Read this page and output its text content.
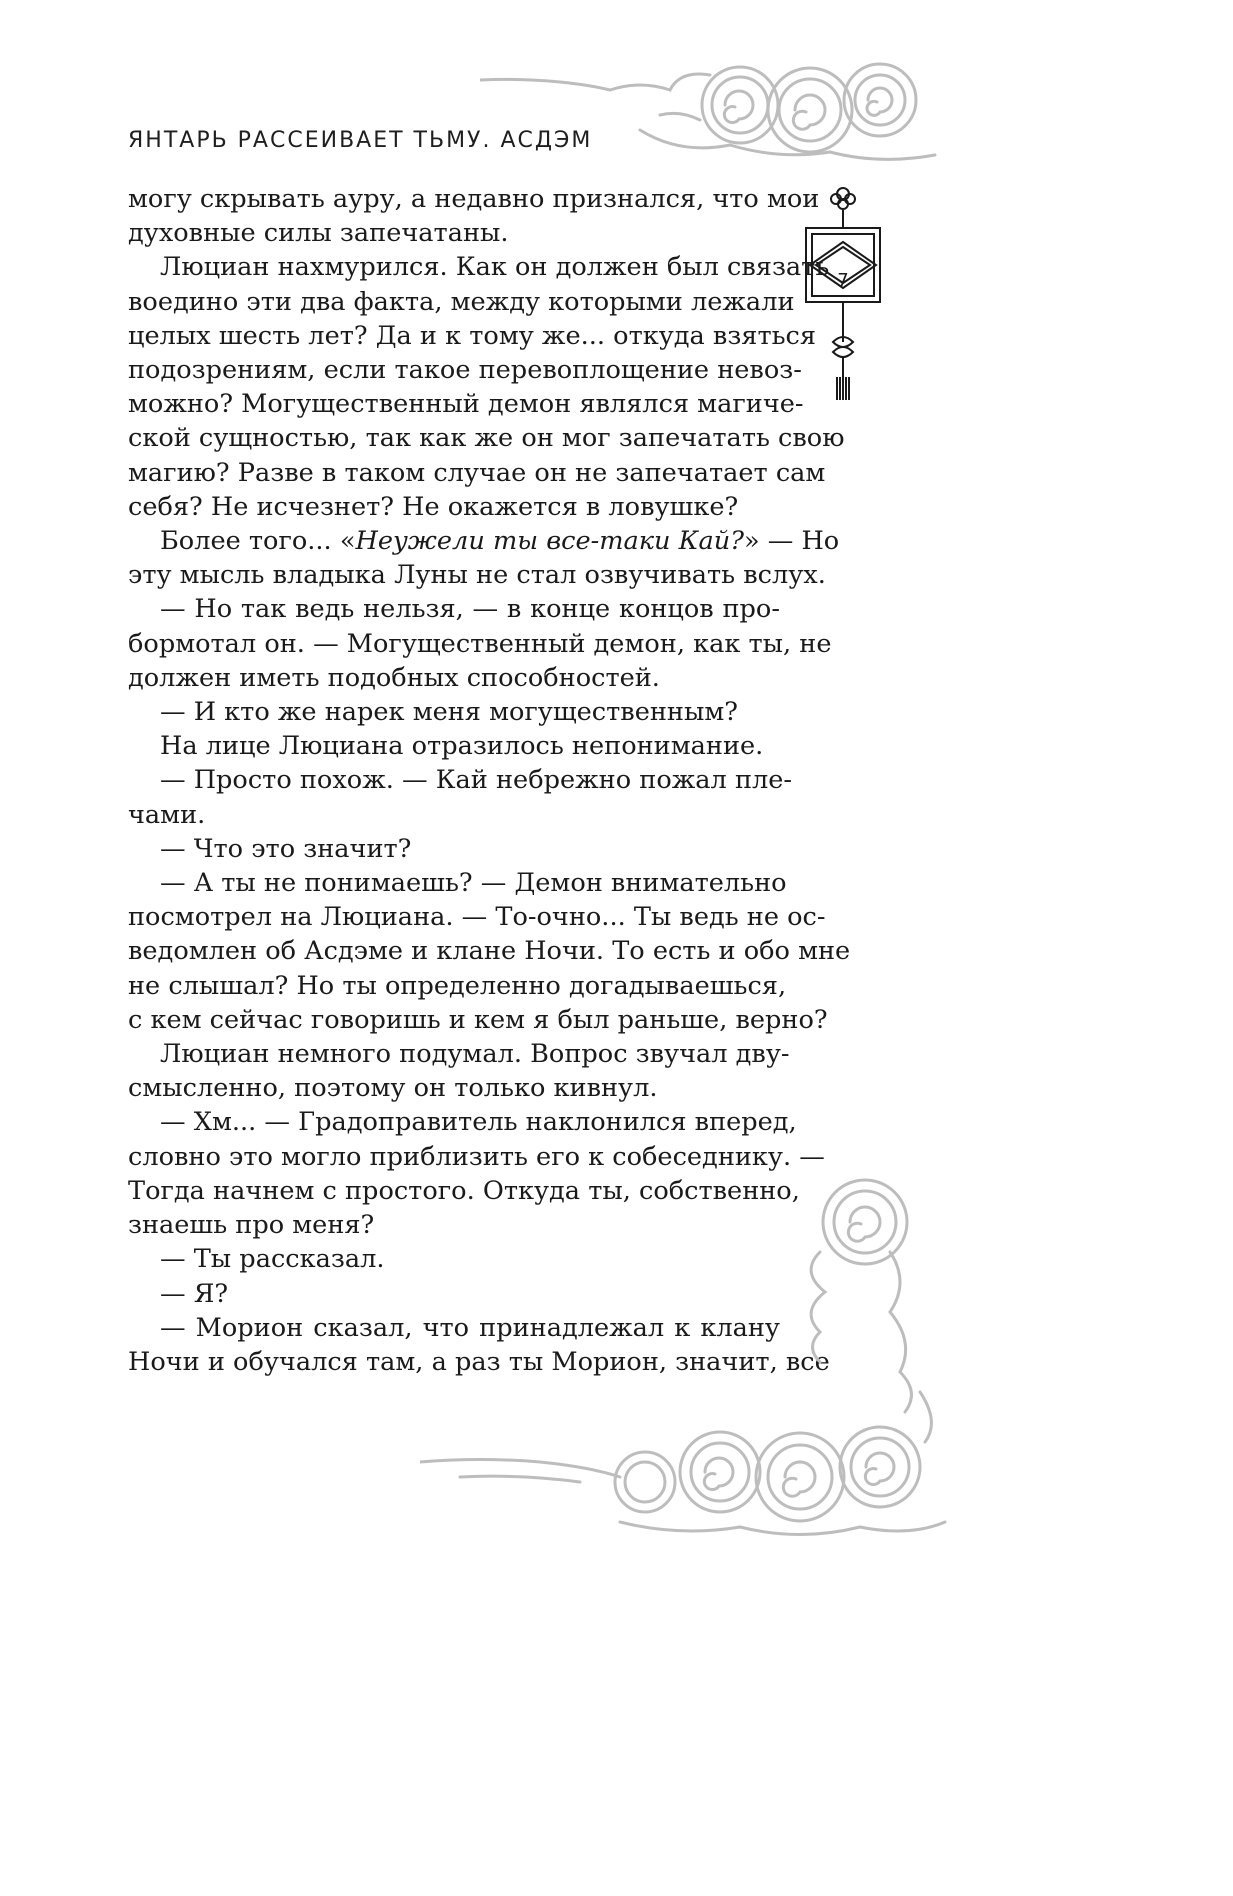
ЯНТАРЬ РАССЕИВАЕТ ТЬМУ. АСДЭМ
7
могу скрывать ауру, а недавно признался, что мои
духовные силы запечатаны.
Люциан нахмурился. Как он должен был связать
воедино эти два факта, между которыми лежали
целых шесть лет? Да и к тому же... откуда взяться
подозрениям, если такое перевоплощение невоз-
можно? Могущественный демон являлся магиче-
ской сущностью, так как же он мог запечатать свою
магию? Разве в таком случае он не запечатает сам
себя? Не исчезнет? Не окажется в ловушке?
Более того... «Неужели ты все-таки Кай?» — Но
эту мысль владыка Луны не стал озвучивать вслух.
— Но так ведь нельзя, — в конце концов про-
бормотал он. — Могущественный демон, как ты, не
должен иметь подобных способностей.
— И кто же нарек меня могущественным?
На лице Люциана отразилось непонимание.
— Просто похож. — Кай небрежно пожал пле-
чами.
— Что это значит?
— А ты не понимаешь? — Демон внимательно
посмотрел на Люциана. — То-очно... Ты ведь не ос-
ведомлен об Асдэме и клане Ночи. То есть и обо мне
не слышал? Но ты определенно догадываешься,
с кем сейчас говоришь и кем я был раньше, верно?
Люциан немного подумал. Вопрос звучал дву-
смысленно, поэтому он только кивнул.
— Хм... — Градоправитель наклонился вперед,
словно это могло приблизить его к собеседнику. —
Тогда начнем с простого. Откуда ты, собственно,
знаешь про меня?
— Ты рассказал.
— Я?
— Морион сказал, что принадлежал к клану
Ночи и обучался там, а раз ты Морион, значит, все
